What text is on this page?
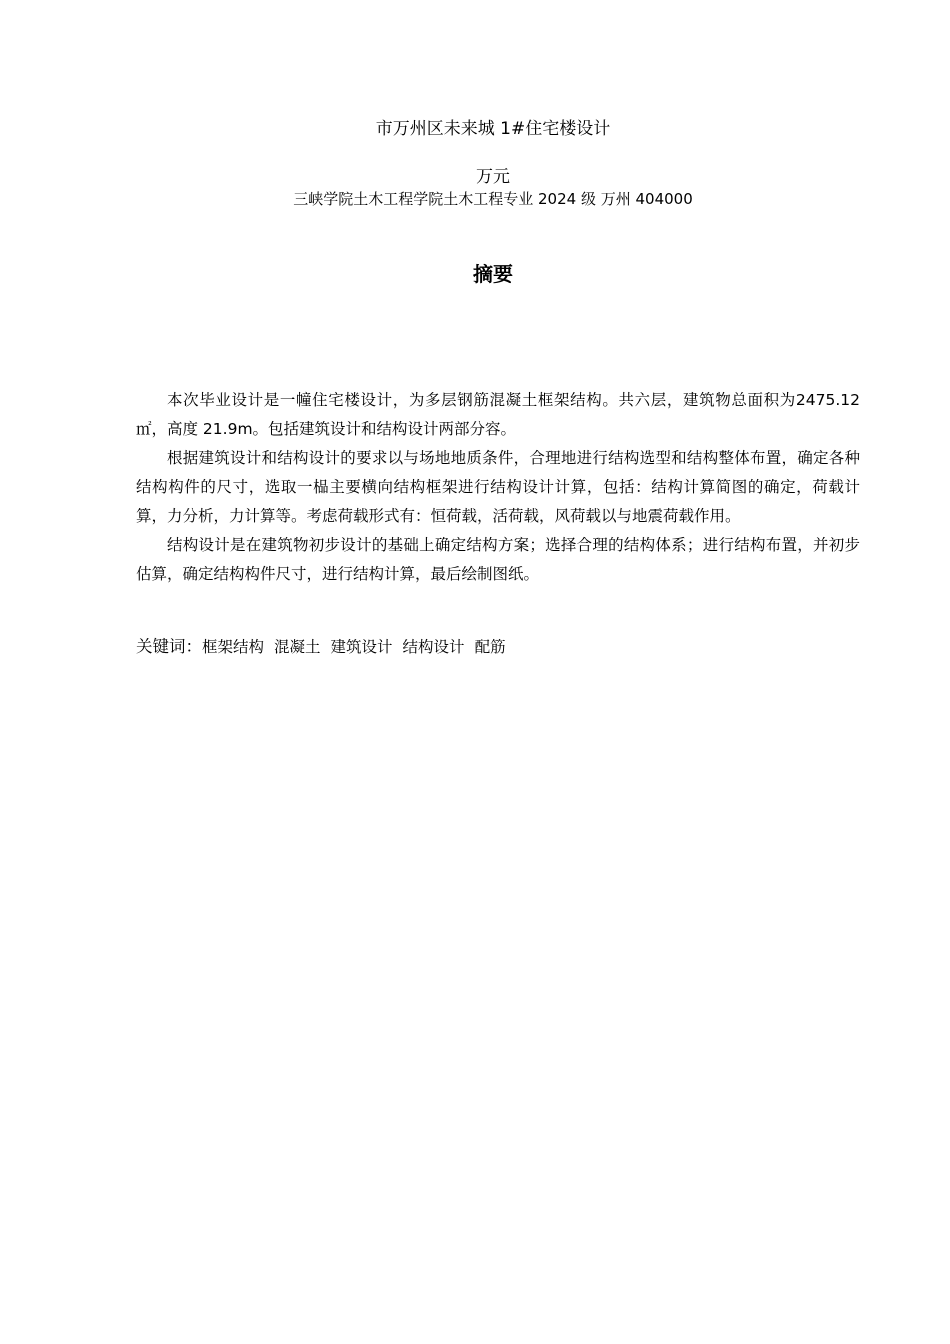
市万州区未来城 1#住宅楼设计
万元
三峡学院土木工程学院土木工程专业 2024 级 万州 404000
摘要

本次毕业设计是一幢住宅楼设计，为多层钢筋混凝土框架结构。共六层，建筑物总面积为2475.12㎡，高度 21.9m。包括建筑设计和结构设计两部分容。

根据建筑设计和结构设计的要求以与场地地质条件，合理地进行结构选型和结构整体布置，确定各种结构构件的尺寸，选取一榀主要横向结构框架进行结构设计计算，包括：结构计算简图的确定，荷载计算，力分析，力计算等。考虑荷载形式有：恒荷载，活荷载，风荷载以与地震荷载作用。

结构设计是在建筑物初步设计的基础上确定结构方案；选择合理的结构体系；进行结构布置，并初步估算，确定结构构件尺寸，进行结构计算，最后绘制图纸。

关键词：框架结构 混凝土 建筑设计 结构设计 配筋
